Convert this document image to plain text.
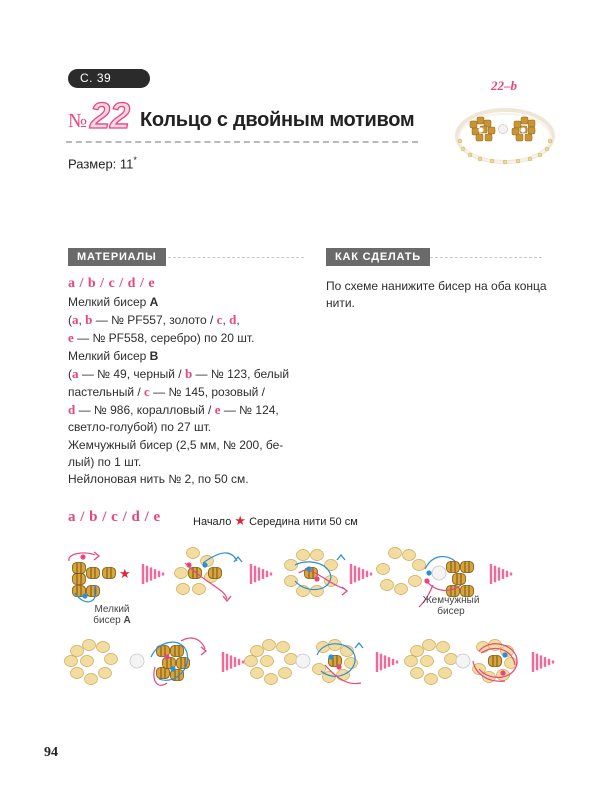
С. 39
№ 22 Кольцо с двойным мотивом
Размер: 11*
22–b
МАТЕРИАЛЫ
a / b / c / d / e
Мелкий бисер A
(a, b — № PF557, золото / c, d,
e — № PF558, серебро) по 20 шт.
Мелкий бисер B
(a — № 49, черный / b — № 123, белый
пастельный / c — № 145, розовый /
d — № 986, коралловый / e — № 124,
светло-голубой) по 27 шт.
Жемчужный бисер (2,5 мм, № 200, бе-
лый) по 1 шт.
Нейлоновая нить № 2, по 50 см.
КАК СДЕЛАТЬ
По схеме нанижите бисер на оба конца
нити.
a / b / c / d / e	Начало ★ Середина нити 50 см
★
Мелкий
бисер A
Жемчужный
бисер
94
